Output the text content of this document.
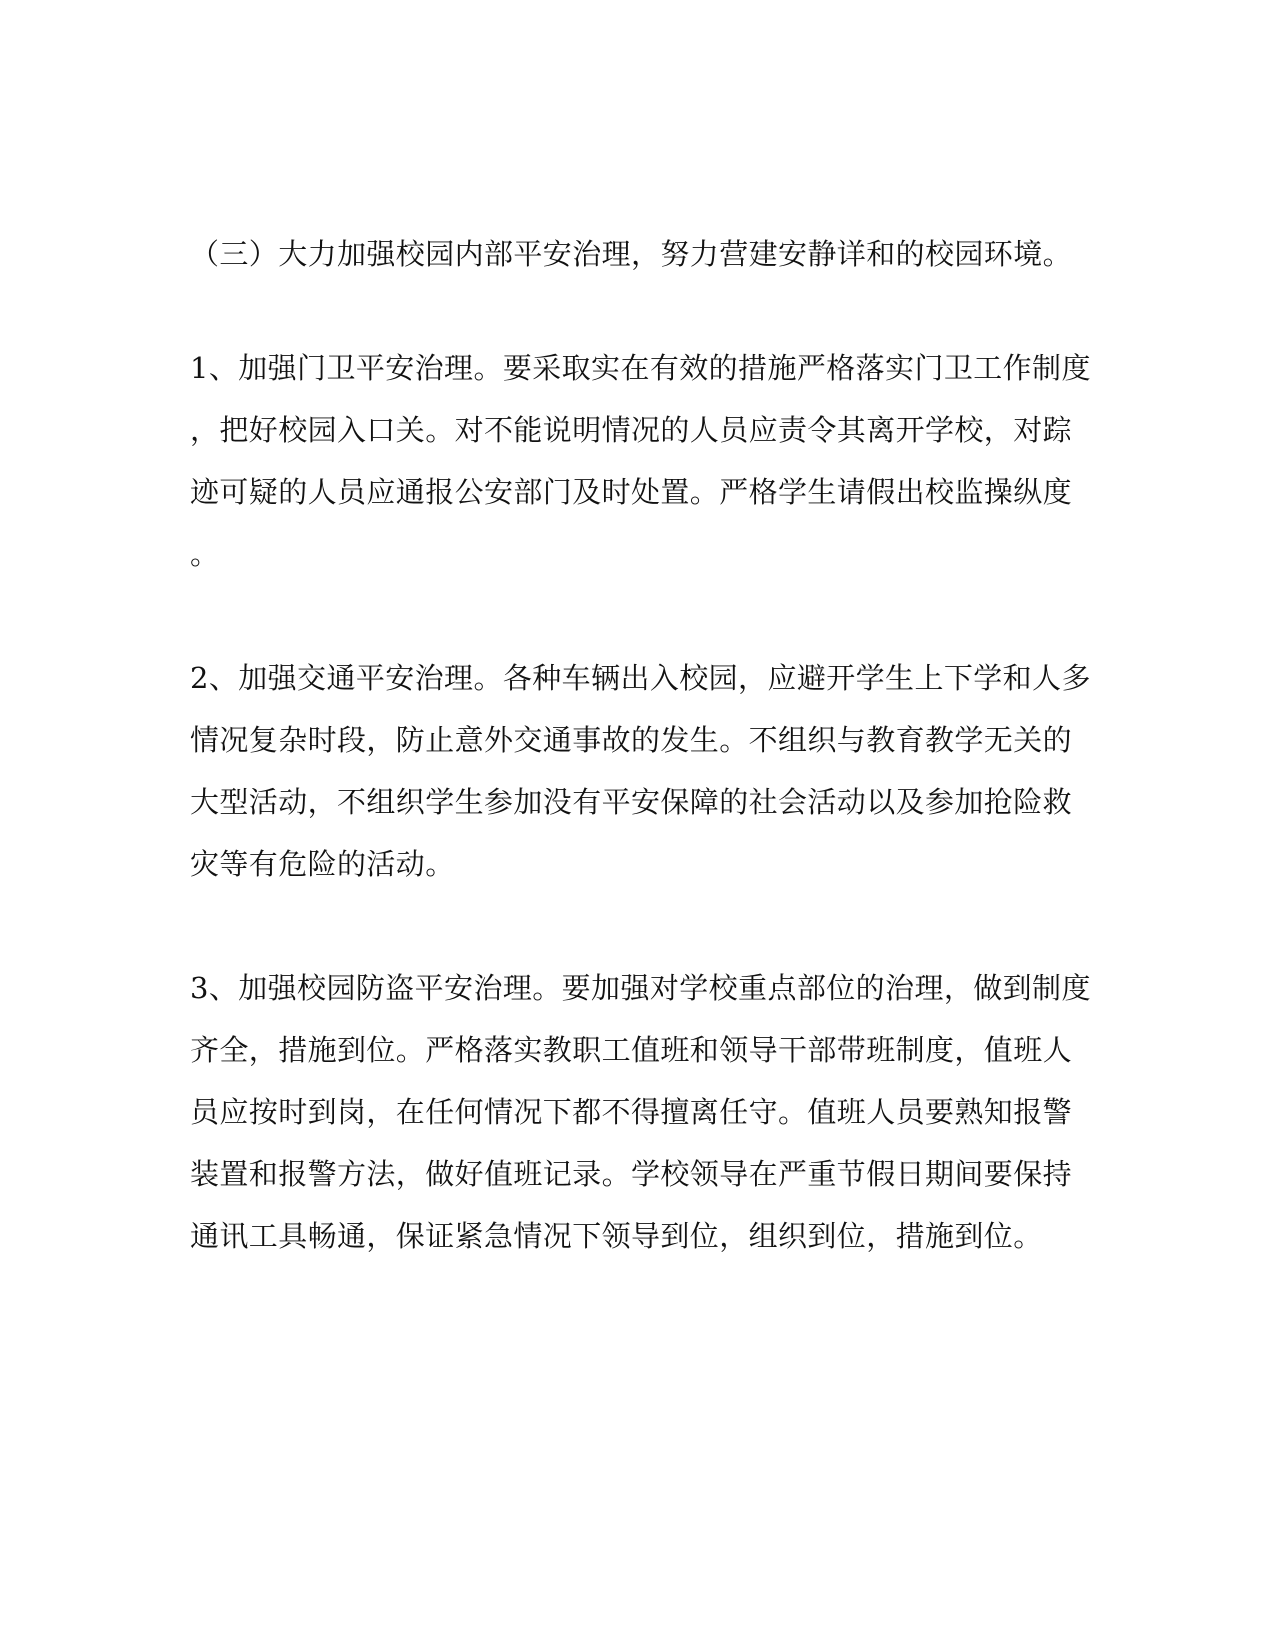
（三）大力加强校园内部平安治理，努力营建安静详和的校园环境。
1、加强门卫平安治理。要采取实在有效的措施严格落实门卫工作制度
，把好校园入口关。对不能说明情况的人员应责令其离开学校，对踪
迹可疑的人员应通报公安部门及时处置。严格学生请假出校监操纵度
。
2、加强交通平安治理。各种车辆出入校园，应避开学生上下学和人多
情况复杂时段，防止意外交通事故的发生。不组织与教育教学无关的
大型活动，不组织学生参加没有平安保障的社会活动以及参加抢险救
灾等有危险的活动。
3、加强校园防盗平安治理。要加强对学校重点部位的治理，做到制度
齐全，措施到位。严格落实教职工值班和领导干部带班制度，值班人
员应按时到岗，在任何情况下都不得擅离任守。值班人员要熟知报警
装置和报警方法，做好值班记录。学校领导在严重节假日期间要保持
通讯工具畅通，保证紧急情况下领导到位，组织到位，措施到位。
